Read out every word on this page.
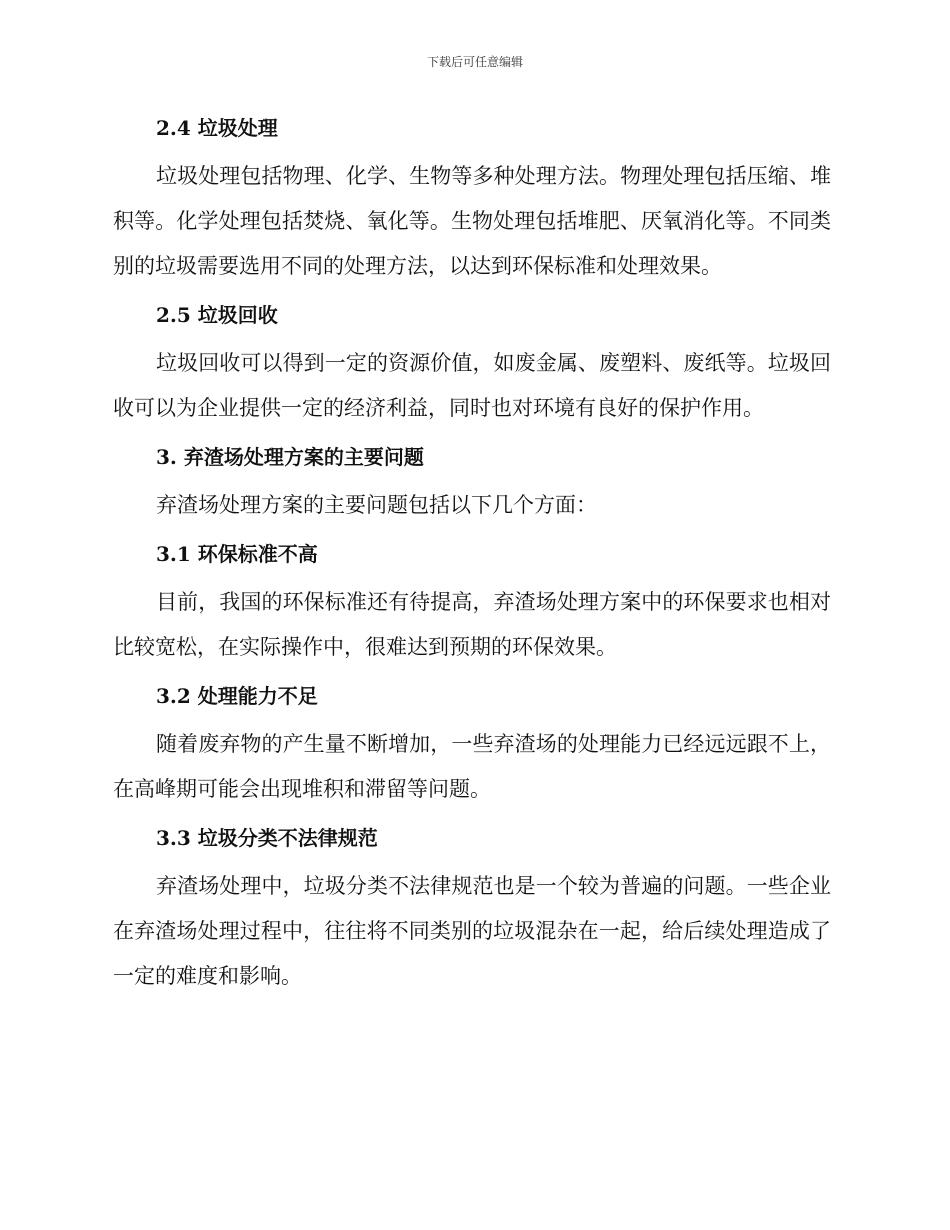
下载后可任意编辑
2.4 垃圾处理

垃圾处理包括物理、化学、生物等多种处理方法。物理处理包括压缩、堆积等。化学处理包括焚烧、氧化等。生物处理包括堆肥、厌氧消化等。不同类别的垃圾需要选用不同的处理方法，以达到环保标准和处理效果。

2.5 垃圾回收

垃圾回收可以得到一定的资源价值，如废金属、废塑料、废纸等。垃圾回收可以为企业提供一定的经济利益，同时也对环境有良好的保护作用。

3. 弃渣场处理方案的主要问题

弃渣场处理方案的主要问题包括以下几个方面：

3.1 环保标准不高

目前，我国的环保标准还有待提高，弃渣场处理方案中的环保要求也相对比较宽松，在实际操作中，很难达到预期的环保效果。

3.2 处理能力不足

随着废弃物的产生量不断增加，一些弃渣场的处理能力已经远远跟不上，在高峰期可能会出现堆积和滞留等问题。

3.3 垃圾分类不法律规范

弃渣场处理中，垃圾分类不法律规范也是一个较为普遍的问题。一些企业在弃渣场处理过程中，往往将不同类别的垃圾混杂在一起，给后续处理造成了一定的难度和影响。
